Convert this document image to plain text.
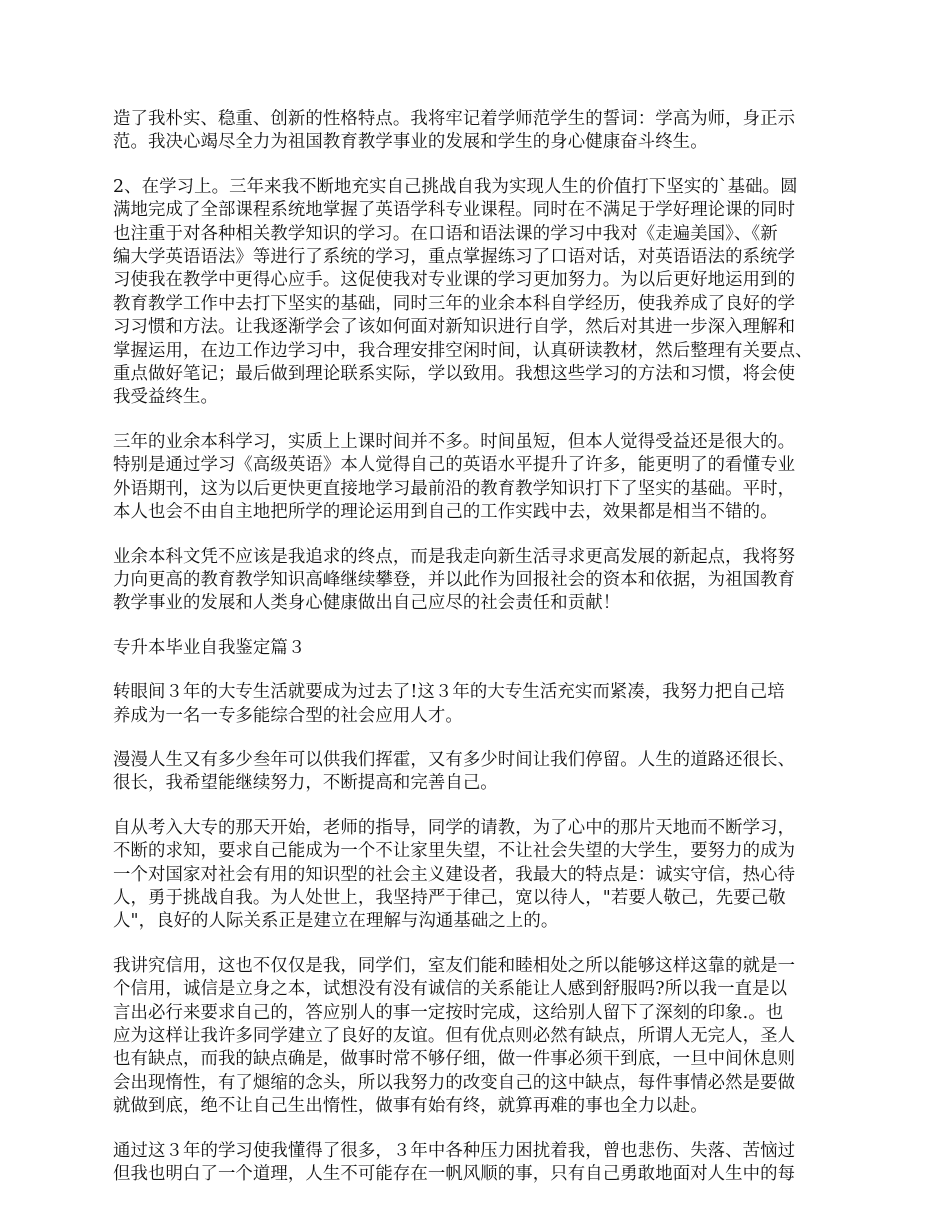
造了我朴实、稳重、创新的性格特点。我将牢记着学师范学生的誓词：学高为师，身正示
范。我决心竭尽全力为祖国教育教学事业的发展和学生的身心健康奋斗终生。

2、在学习上。三年来我不断地充实自己挑战自我为实现人生的价值打下坚实的`基础。圆
满地完成了全部课程系统地掌握了英语学科专业课程。同时在不满足于学好理论课的同时
也注重于对各种相关教学知识的学习。在口语和语法课的学习中我对《走遍美国》、《新
编大学英语语法》等进行了系统的学习，重点掌握练习了口语对话，对英语语法的系统学
习使我在教学中更得心应手。这促使我对专业课的学习更加努力。为以后更好地运用到的
教育教学工作中去打下坚实的基础，同时三年的业余本科自学经历，使我养成了良好的学
习习惯和方法。让我逐渐学会了该如何面对新知识进行自学，然后对其进一步深入理解和
掌握运用，在边工作边学习中，我合理安排空闲时间，认真研读教材，然后整理有关要点、
重点做好笔记；最后做到理论联系实际，学以致用。我想这些学习的方法和习惯，将会使
我受益终生。

三年的业余本科学习，实质上上课时间并不多。时间虽短，但本人觉得受益还是很大的。
特别是通过学习《高级英语》本人觉得自己的英语水平提升了许多，能更明了的看懂专业
外语期刊，这为以后更快更直接地学习最前沿的教育教学知识打下了坚实的基础。平时，
本人也会不由自主地把所学的理论运用到自己的工作实践中去，效果都是相当不错的。

业余本科文凭不应该是我追求的终点，而是我走向新生活寻求更高发展的新起点，我将努
力向更高的教育教学知识高峰继续攀登，并以此作为回报社会的资本和依据，为祖国教育
教学事业的发展和人类身心健康做出自己应尽的社会责任和贡献！

专升本毕业自我鉴定篇３

转眼间３年的大专生活就要成为过去了!这３年的大专生活充实而紧凑，我努力把自己培
养成为一名一专多能综合型的社会应用人才。

漫漫人生又有多少叁年可以供我们挥霍，又有多少时间让我们停留。人生的道路还很长、
很长，我希望能继续努力，不断提高和完善自己。

自从考入大专的那天开始，老师的指导，同学的请教，为了心中的那片天地而不断学习，
不断的求知，要求自己能成为一个不让家里失望，不让社会失望的大学生，要努力的成为
一个对国家对社会有用的知识型的社会主义建设者，我最大的特点是：诚实守信，热心待
人，勇于挑战自我。为人处世上，我坚持严于律己，宽以待人，"若要人敬己，先要己敬
人"，良好的人际关系正是建立在理解与沟通基础之上的。

我讲究信用，这也不仅仅是我，同学们，室友们能和睦相处之所以能够这样这靠的就是一
个信用，诚信是立身之本，试想没有没有诚信的关系能让人感到舒服吗?所以我一直是以
言出必行来要求自己的，答应别人的事一定按时完成，这给别人留下了深刻的印象.。也
应为这样让我许多同学建立了良好的友谊。但有优点则必然有缺点，所谓人无完人，圣人
也有缺点，而我的缺点确是，做事时常不够仔细，做一件事必须干到底，一旦中间休息则
会出现惰性，有了煺缩的念头，所以我努力的改变自己的这中缺点，每件事情必然是要做
就做到底，绝不让自己生出惰性，做事有始有终，就算再难的事也全力以赴。

通过这３年的学习使我懂得了很多，３年中各种压力困扰着我，曾也悲伤、失落、苦恼过
但我也明白了一个道理，人生不可能存在一帆风顺的事，只有自己勇敢地面对人生中的每
